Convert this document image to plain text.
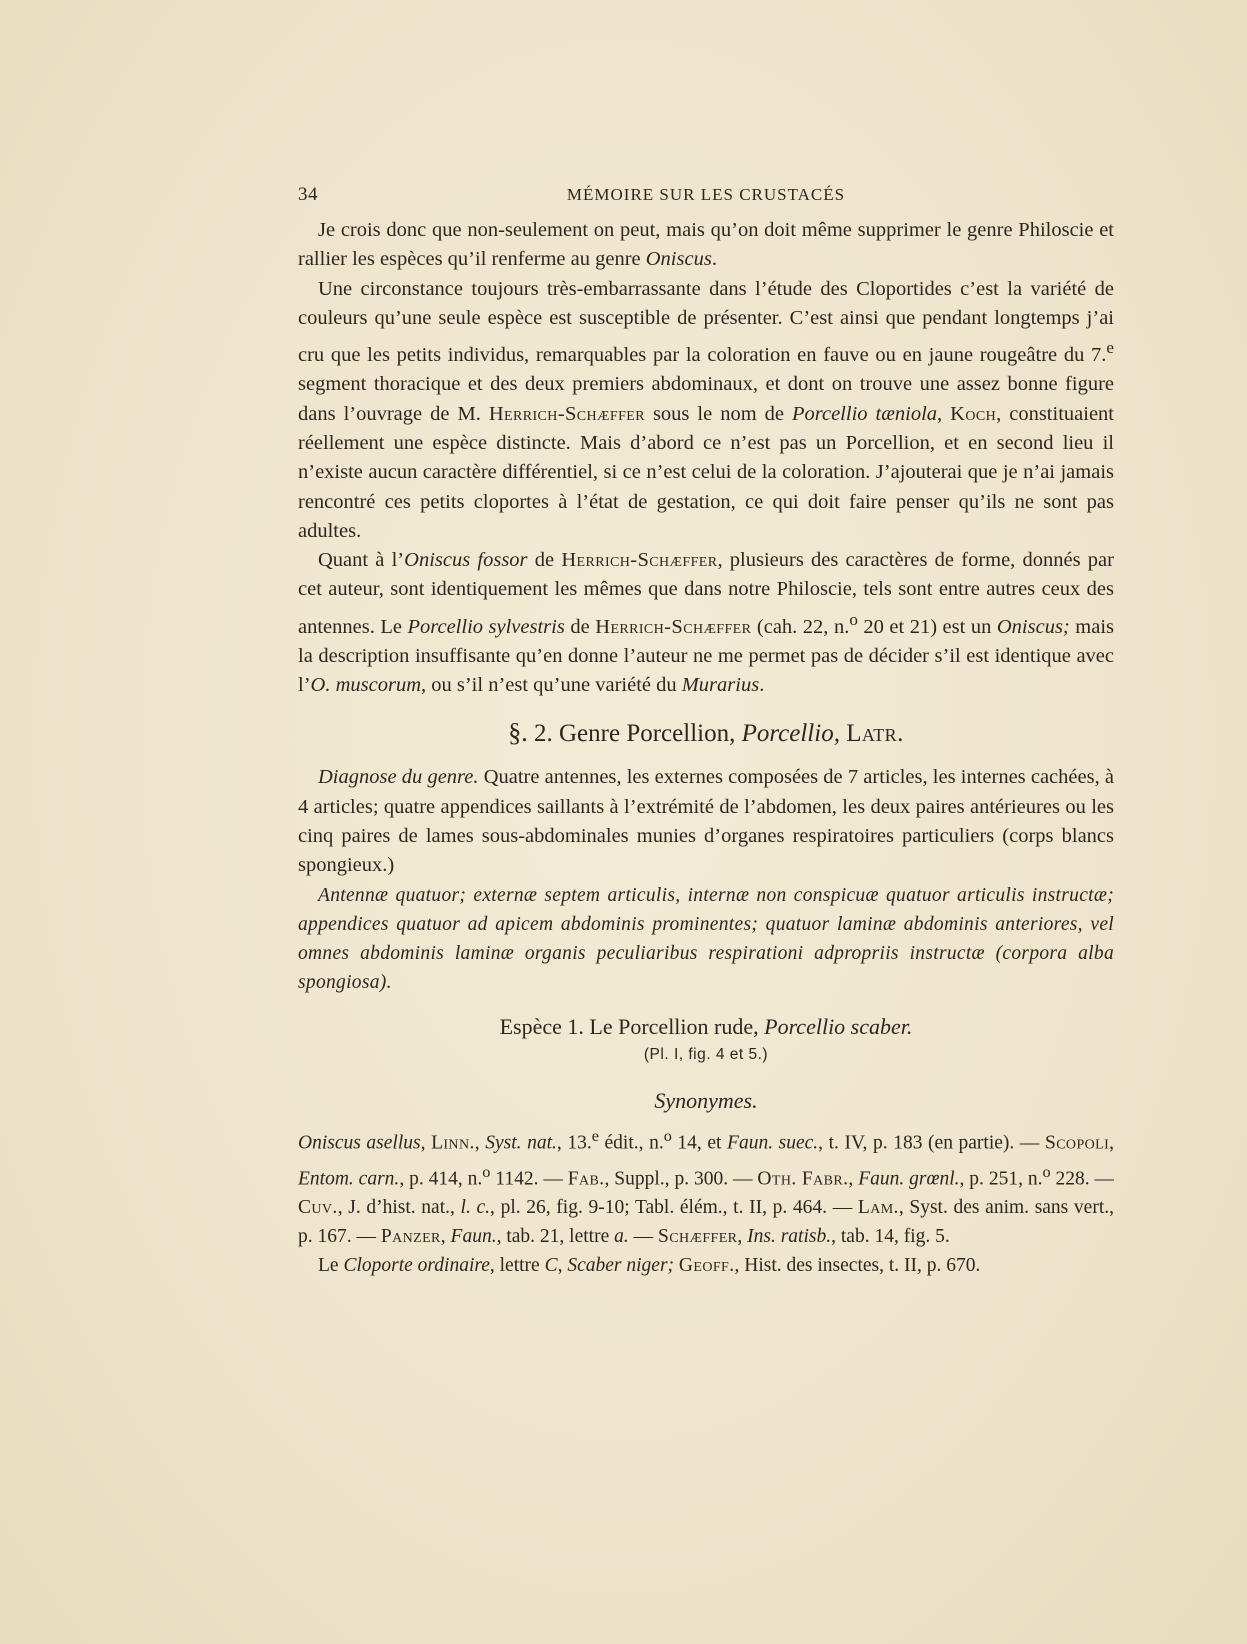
34	MÉMOIRE SUR LES CRUSTACÉS

Je crois donc que non-seulement on peut, mais qu’on doit même supprimer le genre Philoscie et rallier les espèces qu’il renferme au genre Oniscus.

Une circonstance toujours très-embarrassante dans l’étude des Cloportides c’est la variété de couleurs qu’une seule espèce est susceptible de présenter. C’est ainsi que pendant longtemps j’ai cru que les petits individus, remarquables par la coloration en fauve ou en jaune rougeâtre du 7.$^e$ segment thoracique et des deux premiers abdominaux, et dont on trouve une assez bonne figure dans l’ouvrage de M. Herrich-Schæffer sous le nom de Porcellio tæniola, Koch, constituaient réellement une espèce distincte. Mais d’abord ce n’est pas un Porcellion, et en second lieu il n’existe aucun caractère différentiel, si ce n’est celui de la coloration. J’ajouterai que je n’ai jamais rencontré ces petits cloportes à l’état de gestation, ce qui doit faire penser qu’ils ne sont pas adultes.

Quant à l’Oniscus fossor de Herrich-Schæffer, plusieurs des caractères de forme, donnés par cet auteur, sont identiquement les mêmes que dans notre Philoscie, tels sont entre autres ceux des antennes. Le Porcellio sylvestris de Herrich-Schæffer (cah. 22, n.$^o$ 20 et 21) est un Oniscus; mais la description insuffisante qu’en donne l’auteur ne me permet pas de décider s’il est identique avec l’O. muscorum, ou s’il n’est qu’une variété du Murarius.

§. 2. Genre Porcellion, Porcellio, Latr.

Diagnose du genre. Quatre antennes, les externes composées de 7 articles, les internes cachées, à 4 articles; quatre appendices saillants à l’extrémité de l’abdomen, les deux paires antérieures ou les cinq paires de lames sous-abdominales munies d’organes respiratoires particuliers (corps blancs spongieux.)

Antennæ quatuor; externæ septem articulis, internæ non conspicuæ quatuor articulis instructæ; appendices quatuor ad apicem abdominis prominentes; quatuor laminæ abdominis anteriores, vel omnes abdominis laminæ organis peculiaribus respirationi adpropriis instructæ (corpora alba spongiosa).

Espèce 1. Le Porcellion rude, Porcellio scaber.
(Pl. I, fig. 4 et 5.)
Synonymes.

Oniscus asellus, Linn., Syst. nat., 13.$^e$ édit., n.$^o$ 14, et Faun. suec., t. IV, p. 183 (en partie). — Scopoli, Entom. carn., p. 414, n.$^o$ 1142. — Fab., Suppl., p. 300. — Oth. Fabr., Faun. grœnl., p. 251, n.$^o$ 228. — Cuv., J. d’hist. nat., l. c., pl. 26, fig. 9-10; Tabl. élém., t. II, p. 464. — Lam., Syst. des anim. sans vert., p. 167. — Panzer, Faun., tab. 21, lettre a. — Schæffer, Ins. ratisb., tab. 14, fig. 5.

Le Cloporte ordinaire, lettre C, Scaber niger; Geoff., Hist. des insectes, t. II, p. 670.
